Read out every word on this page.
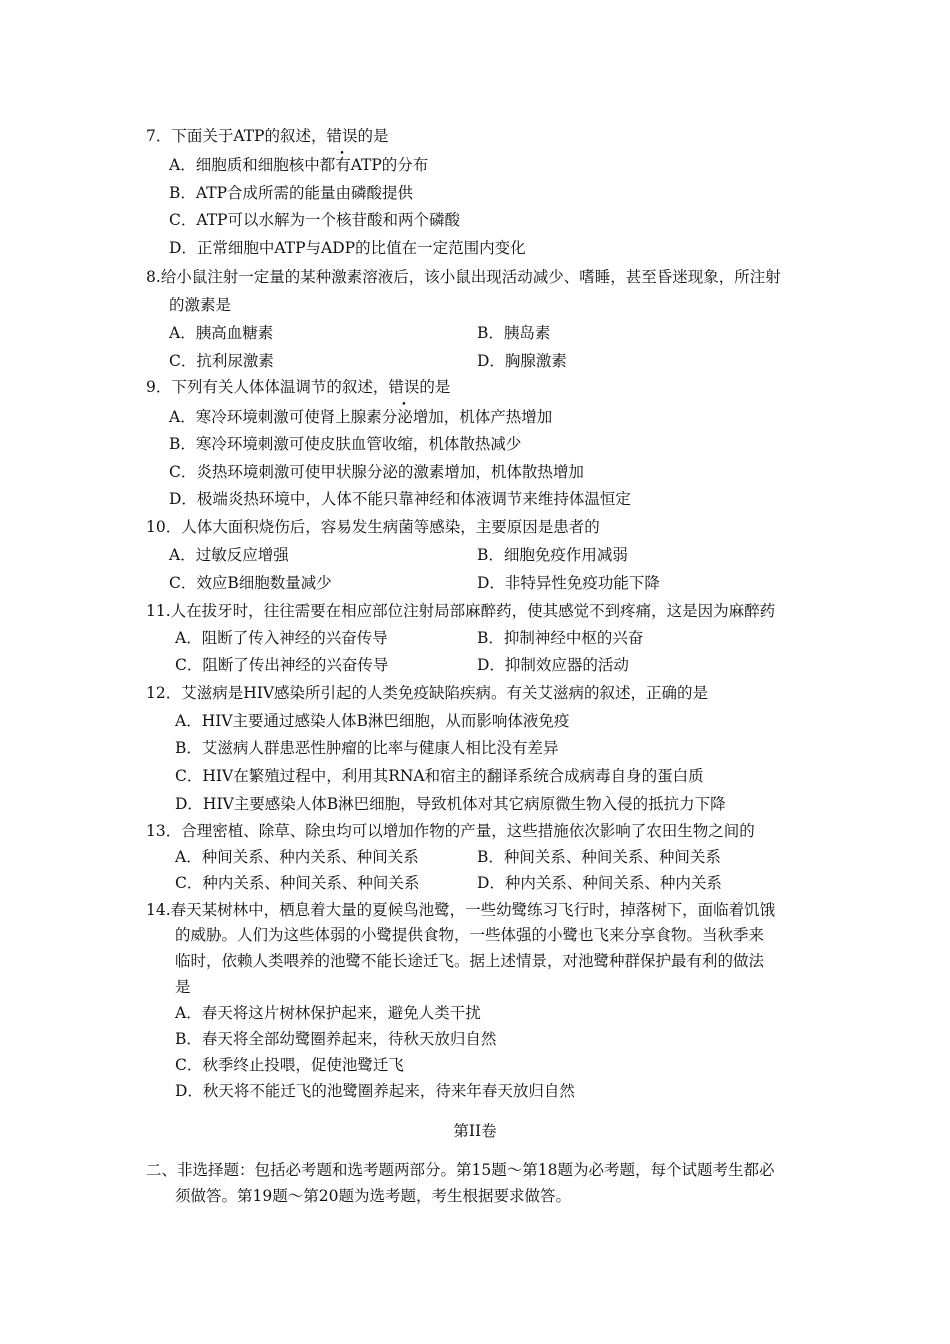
7．下面关于ATP的叙述，错误的是
A．细胞质和细胞核中都有ATP的分布
B．ATP合成所需的能量由磷酸提供
C．ATP可以水解为一个核苷酸和两个磷酸
D．正常细胞中ATP与ADP的比值在一定范围内变化
8.给小鼠注射一定量的某种激素溶液后，该小鼠出现活动减少、嗜睡，甚至昏迷现象，所注射
的激素是
A．胰高血糖素	B．胰岛素
C．抗利尿激素	D．胸腺激素
9．下列有关人体体温调节的叙述，错误的是
A．寒冷环境刺激可使肾上腺素分泌增加，机体产热增加
B．寒冷环境刺激可使皮肤血管收缩，机体散热减少
C．炎热环境刺激可使甲状腺分泌的激素增加，机体散热增加
D．极端炎热环境中，人体不能只靠神经和体液调节来维持体温恒定
10．人体大面积烧伤后，容易发生病菌等感染，主要原因是患者的
A．过敏反应增强	B．细胞免疫作用减弱
C．效应B细胞数量减少	D．非特异性免疫功能下降
11.人在拔牙时，往往需要在相应部位注射局部麻醉药，使其感觉不到疼痛，这是因为麻醉药
A．阻断了传入神经的兴奋传导	B．抑制神经中枢的兴奋
C．阻断了传出神经的兴奋传导	D．抑制效应器的活动
12．艾滋病是HIV感染所引起的人类免疫缺陷疾病。有关艾滋病的叙述，正确的是
A．HIV主要通过感染人体B淋巴细胞，从而影响体液免疫
B．艾滋病人群患恶性肿瘤的比率与健康人相比没有差异
C．HIV在繁殖过程中，利用其RNA和宿主的翻译系统合成病毒自身的蛋白质
D．HIV主要感染人体B淋巴细胞，导致机体对其它病原微生物入侵的抵抗力下降
13．合理密植、除草、除虫均可以增加作物的产量，这些措施依次影响了农田生物之间的
A．种间关系、种内关系、种间关系	B．种间关系、种间关系、种间关系
C．种内关系、种间关系、种间关系	D．种内关系、种间关系、种内关系
14.春天某树林中，栖息着大量的夏候鸟池鹭，一些幼鹭练习飞行时，掉落树下，面临着饥饿
的威胁。人们为这些体弱的小鹭提供食物，一些体强的小鹭也飞来分享食物。当秋季来
临时，依赖人类喂养的池鹭不能长途迁飞。据上述情景，对池鹭种群保护最有利的做法
是
A．春天将这片树林保护起来，避免人类干扰
B．春天将全部幼鹭圈养起来，待秋天放归自然
C．秋季终止投喂，促使池鹭迁飞
D．秋天将不能迁飞的池鹭圈养起来，待来年春天放归自然
第II卷
二、非选择题：包括必考题和选考题两部分。第15题～第18题为必考题，每个试题考生都必
须做答。第19题～第20题为选考题，考生根据要求做答。
